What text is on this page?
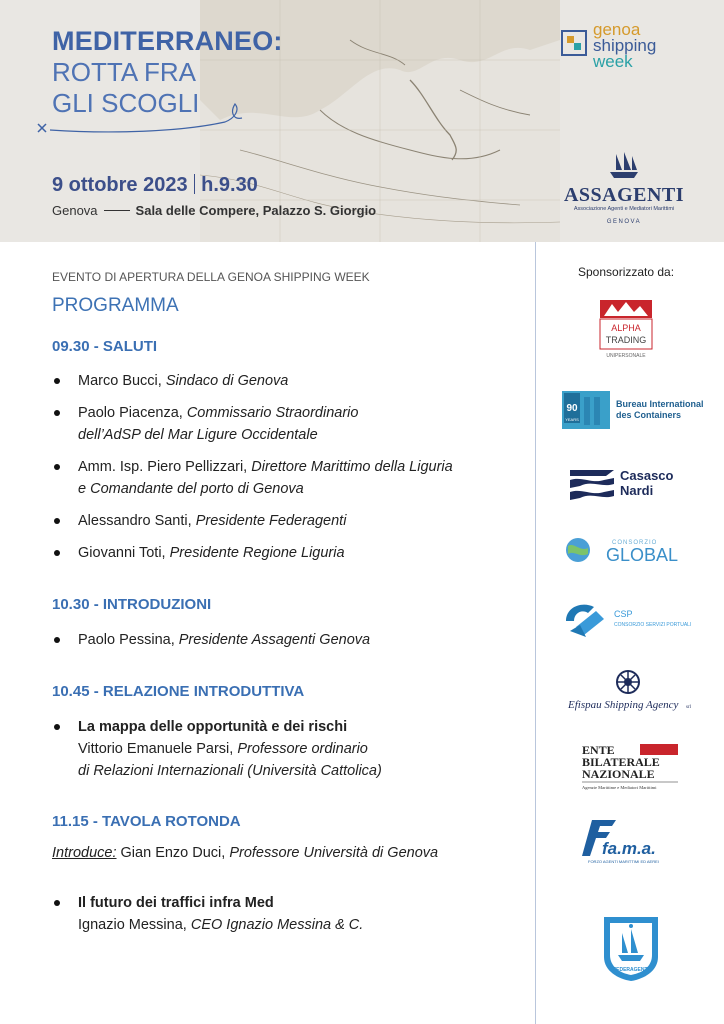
MEDITERRANEO:
ROTTA FRA
GLI SCOGLI
9 ottobre 2023 h.9.30
Genova	Sala delle Compere, Palazzo S. Giorgio
genoa
shipping
week
ASSAGENTI
Associazione Agenti e Mediatori Marittimi
GENOVA
EVENTO DI APERTURA DELLA GENOA SHIPPING WEEK
PROGRAMMA
09.30 - SALUTI
Marco Bucci, Sindaco di Genova
Paolo Piacenza, Commissario Straordinario
dell’AdSP del Mar Ligure Occidentale
Amm. Isp. Piero Pellizzari, Direttore Marittimo della Liguria
e Comandante del porto di Genova
Alessandro Santi, Presidente Federagenti
Giovanni Toti, Presidente Regione Liguria
10.30 - INTRODUZIONI
Paolo Pessina, Presidente Assagenti Genova
10.45 - RELAZIONE INTRODUTTIVA
La mappa delle opportunità e dei rischi
Vittorio Emanuele Parsi, Professore ordinario
di Relazioni Internazionali (Università Cattolica)
11.15 - TAVOLA ROTONDA
Introduce: Gian Enzo Duci, Professore Università di Genova
Il futuro dei traffici infra Med
Ignazio Messina, CEO Ignazio Messina & C.
Sponsorizzato da:
ALPHA
TRADING
UNIPERSONALE
90
YEARS
Bureau International
des Containers
Casasco
Nardi
CONSORZIO
GLOBAL
CSP
CONSORZIO SERVIZI PORTUALI
Efispau Shipping Agency srl
ENTE
BILATERALE
NAZIONALE
Agenzie Marittime e Mediatori Marittimi
fa.m.a.
FORZO AGENTI MARITTIMI ED AEREI
FEDERAGENTI
